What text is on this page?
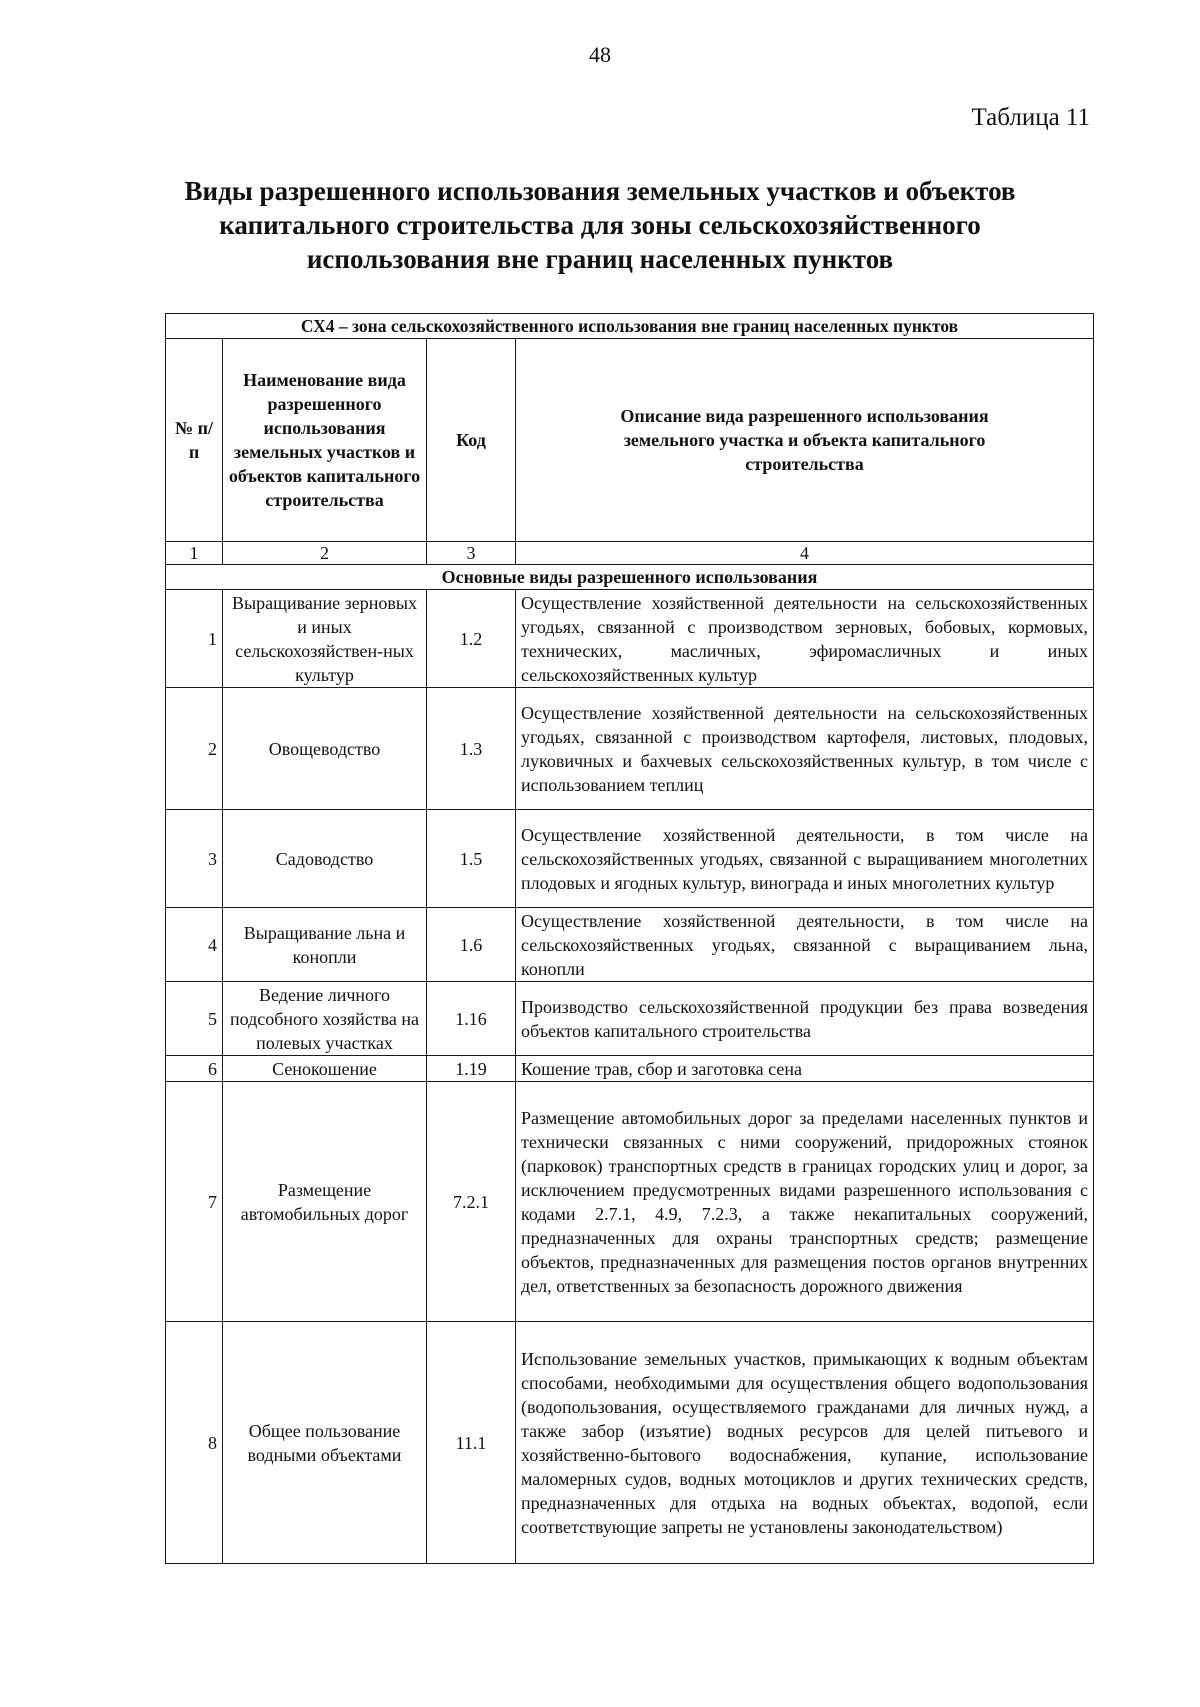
48
Таблица 11
Виды разрешенного использования земельных участков и объектов
капитального строительства для зоны сельскохозяйственного
использования вне границ населенных пунктов
СХ4 – зона сельскохозяйственного использования вне границ населенных пунктов			
№ п/п	Наименование вида разрешенного использования земельных участков и объектов капитального строительства	Код	Описание вида разрешенного использования земельного участка и объекта капитального строительства
1	2	3	4
Основные виды разрешенного использования			
1	Выращивание зерновых и иных сельскохозяйствен-ных культур	1.2	Осуществление хозяйственной деятельности на сельскохозяйственных угодьях, связанной с производством зерновых, бобовых, кормовых, технических, масличных, эфиромасличных и иных сельскохозяйственных культур
2	Овощеводство	1.3	Осуществление хозяйственной деятельности на сельскохозяйственных угодьях, связанной с производством картофеля, листовых, плодовых, луковичных и бахчевых сельскохозяйственных культур, в том числе с использованием теплиц
3	Садоводство	1.5	Осуществление хозяйственной деятельности, в том числе на сельскохозяйственных угодьях, связанной с выращиванием многолетних плодовых и ягодных культур, винограда и иных многолетних культур
4	Выращивание льна и конопли	1.6	Осуществление хозяйственной деятельности, в том числе на сельскохозяйственных угодьях, связанной с выращиванием льна, конопли
5	Ведение личного подсобного хозяйства на полевых участках	1.16	Производство сельскохозяйственной продукции без права возведения объектов капитального строительства
6	Сенокошение	1.19	Кошение трав, сбор и заготовка сена
7	Размещение автомобильных дорог	7.2.1	Размещение автомобильных дорог за пределами населенных пунктов и технически связанных с ними сооружений, придорожных стоянок (парковок) транспортных средств в границах городских улиц и дорог, за исключением предусмотренных видами разрешенного использования с кодами 2.7.1, 4.9, 7.2.3, а также некапитальных сооружений, предназначенных для охраны транспортных средств; размещение объектов, предназначенных для размещения постов органов внутренних дел, ответственных за безопасность дорожного движения
8	Общее пользование водными объектами	11.1	Использование земельных участков, примыкающих к водным объектам способами, необходимыми для осуществления общего водопользования (водопользования, осуществляемого гражданами для личных нужд, а также забор (изъятие) водных ресурсов для целей питьевого и хозяйственно-бытового водоснабжения, купание, использование маломерных судов, водных мотоциклов и других технических средств, предназначенных для отдыха на водных объектах, водопой, если соответствующие запреты не установлены законодательством)
